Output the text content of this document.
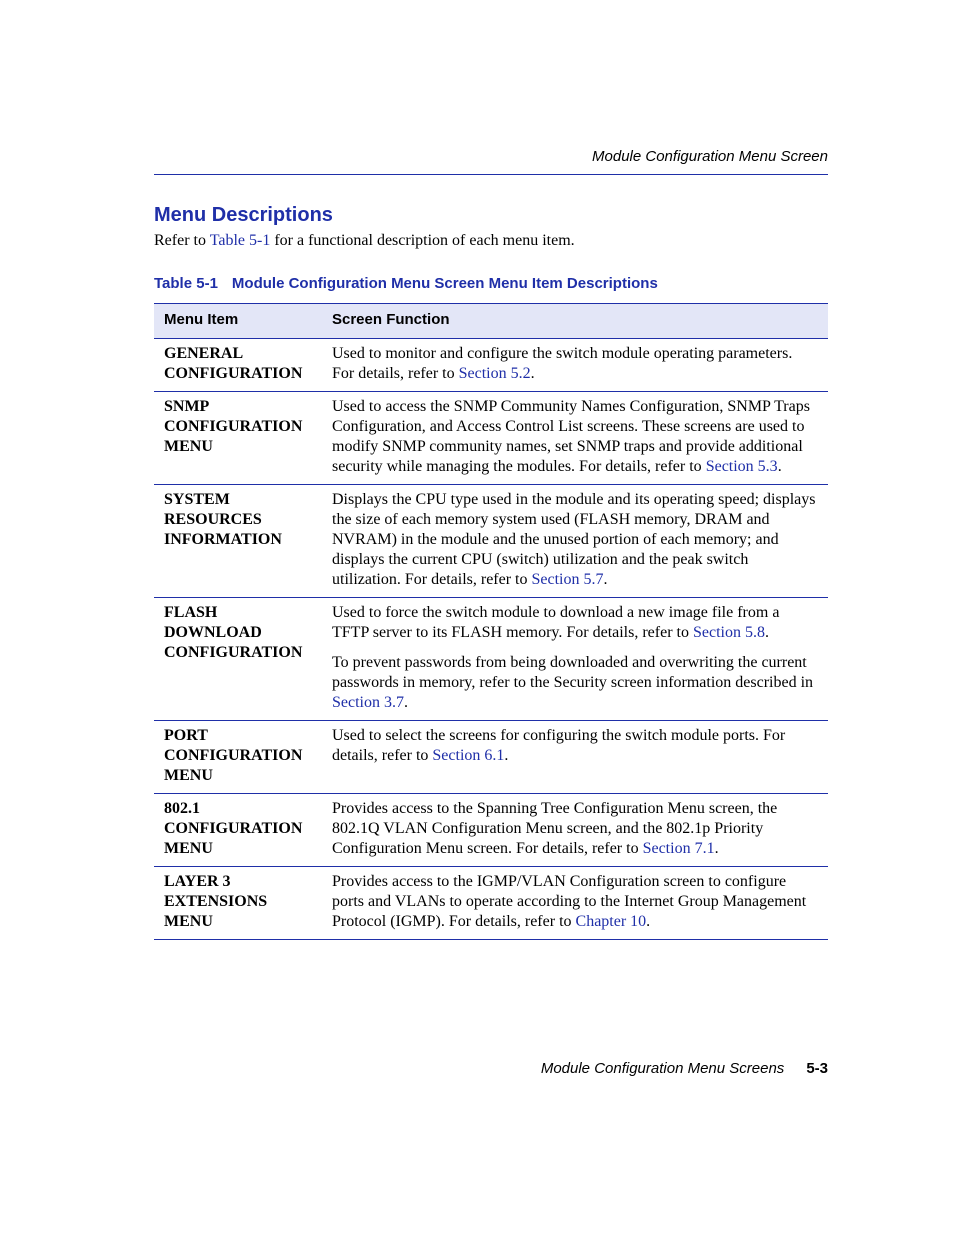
Module Configuration Menu Screen
Menu Descriptions

Refer to Table 5-1 for a functional description of each menu item.

Table 5-1 Module Configuration Menu Screen Menu Item Descriptions
Menu Item	Screen Function
GENERAL CONFIGURATION	Used to monitor and configure the switch module operating parameters. For details, refer to Section 5.2.

SNMP CONFIGURATION MENU	Used to access the SNMP Community Names Configuration, SNMP Traps Configuration, and Access Control List screens. These screens are used to modify SNMP community names, set SNMP traps and provide additional security while managing the modules. For details, refer to Section 5.3.

SYSTEM RESOURCES INFORMATION	Displays the CPU type used in the module and its operating speed; displays the size of each memory system used (FLASH memory, DRAM and NVRAM) in the module and the unused portion of each memory; and displays the current CPU (switch) utilization and the peak switch utilization. For details, refer to Section 5.7.

FLASH DOWNLOAD CONFIGURATION	Used to force the switch module to download a new image file from a TFTP server to its FLASH memory. For details, refer to Section 5.8.

To prevent passwords from being downloaded and overwriting the current passwords in memory, refer to the Security screen information described in Section 3.7.

PORT CONFIGURATION MENU	Used to select the screens for configuring the switch module ports. For details, refer to Section 6.1.

802.1 CONFIGURATION MENU	Provides access to the Spanning Tree Configuration Menu screen, the 802.1Q VLAN Configuration Menu screen, and the 802.1p Priority Configuration Menu screen. For details, refer to Section 7.1.

LAYER 3 EXTENSIONS MENU	Provides access to the IGMP/VLAN Configuration screen to configure ports and VLANs to operate according to the Internet Group Management Protocol (IGMP). For details, refer to Chapter 10.

Module Configuration Menu Screens 5-3
